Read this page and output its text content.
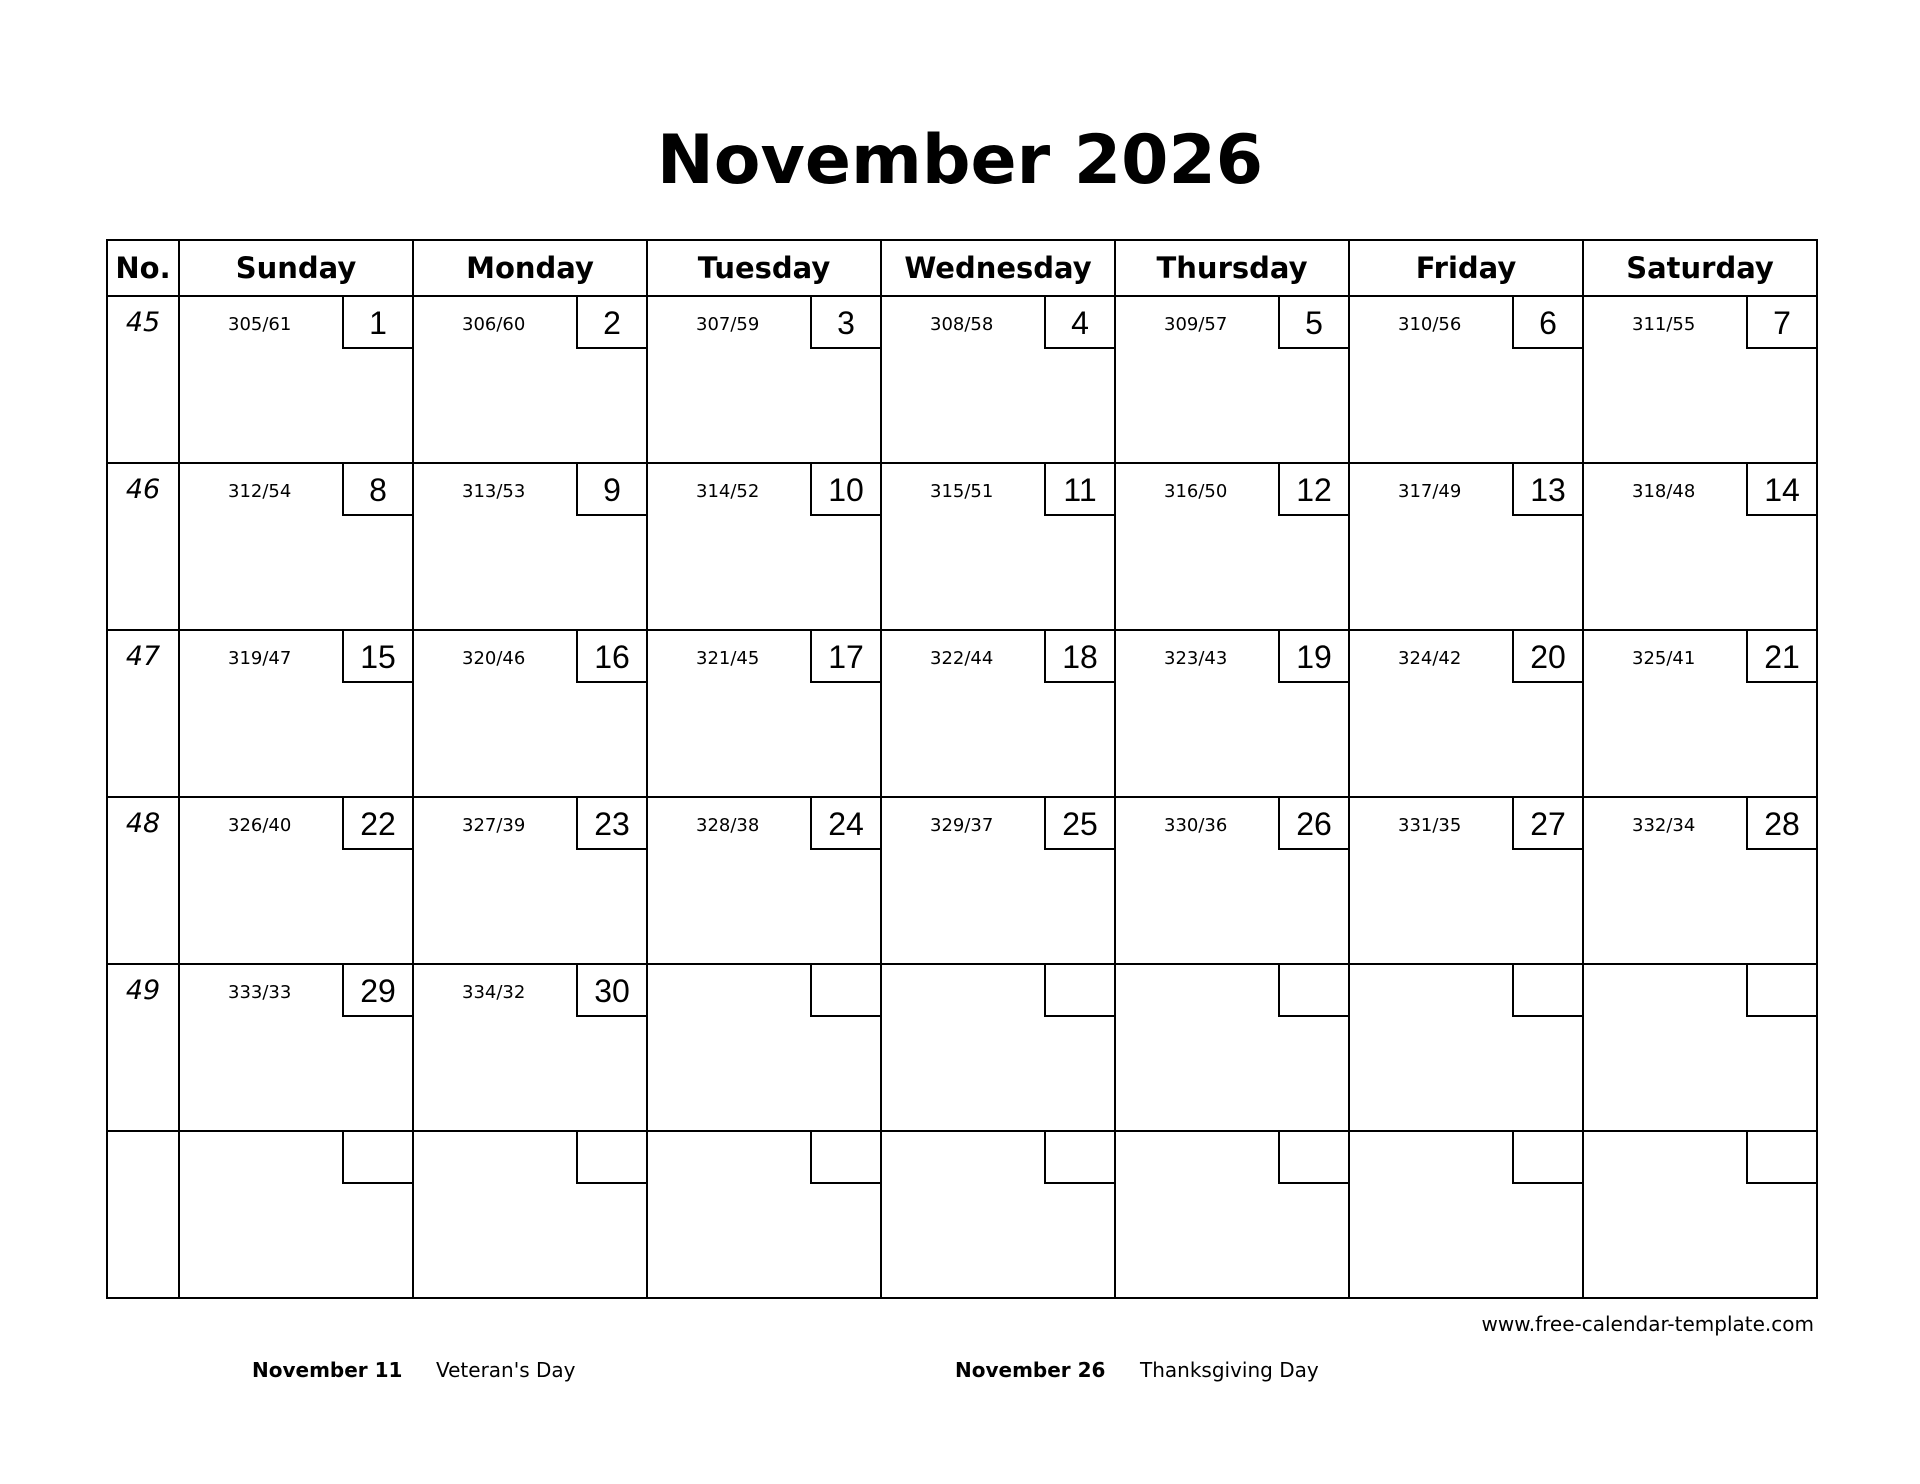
November 2026
No.	Sunday	Monday	Tuesday	Wednesday	Thursday	Friday	Saturday

45	305/61 1	306/60 2	307/59 3	308/58 4	309/57 5	310/56 6	311/55 7

46	312/54 8	313/53 9	314/52 10	315/51 11	316/50 12	317/49 13	318/48 14

47	319/47 15	320/46 16	321/45 17	322/44 18	323/43 19	324/42 20	325/41 21

48	326/40 22	327/39 23	328/38 24	329/37 25	330/36 26	331/35 27	332/34 28

49	333/33 29	334/32 30					

www.free-calendar-template.com
November 11 Veteran's Day	November 26 Thanksgiving Day
